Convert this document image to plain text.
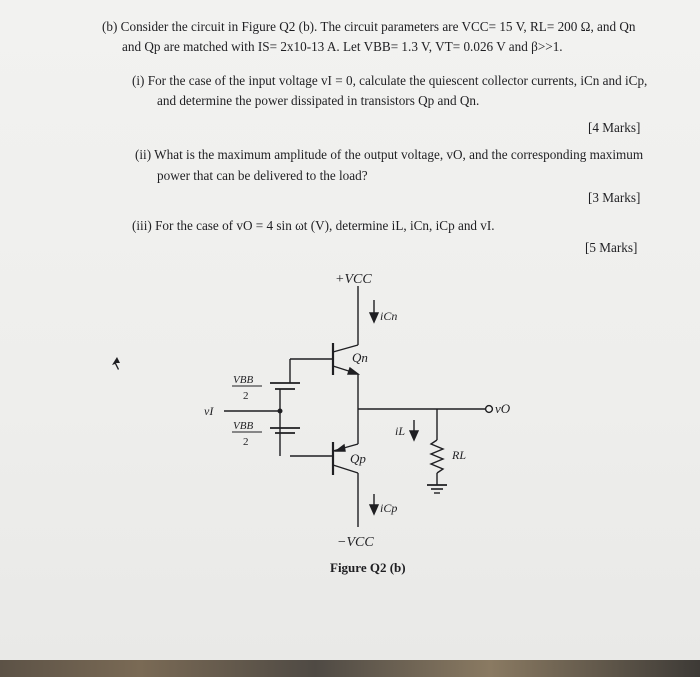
(b) Consider the circuit in Figure Q2 (b). The circuit parameters are VCC= 15 V, RL= 200 Ω, and Qn
and Qp are matched with IS= 2x10-13 A. Let VBB= 1.3 V, VT= 0.026 V and β>>1.
(i) For the case of the input voltage vI = 0, calculate the quiescent collector currents, iCn and iCp,
and determine the power dissipated in transistors Qp and Qn.
[4 Marks]
(ii) What is the maximum amplitude of the output voltage, vO, and the corresponding maximum
power that can be delivered to the load?
[3 Marks]
(iii) For the case of vO = 4 sin ωt (V), determine iL, iCn, iCp and vI.
[5 Marks]
+VCC
iCn
Qn
VBB
2
vI
VBB
2
vO
iL
RL
Qp
iCp
−VCC
Figure Q2 (b)
